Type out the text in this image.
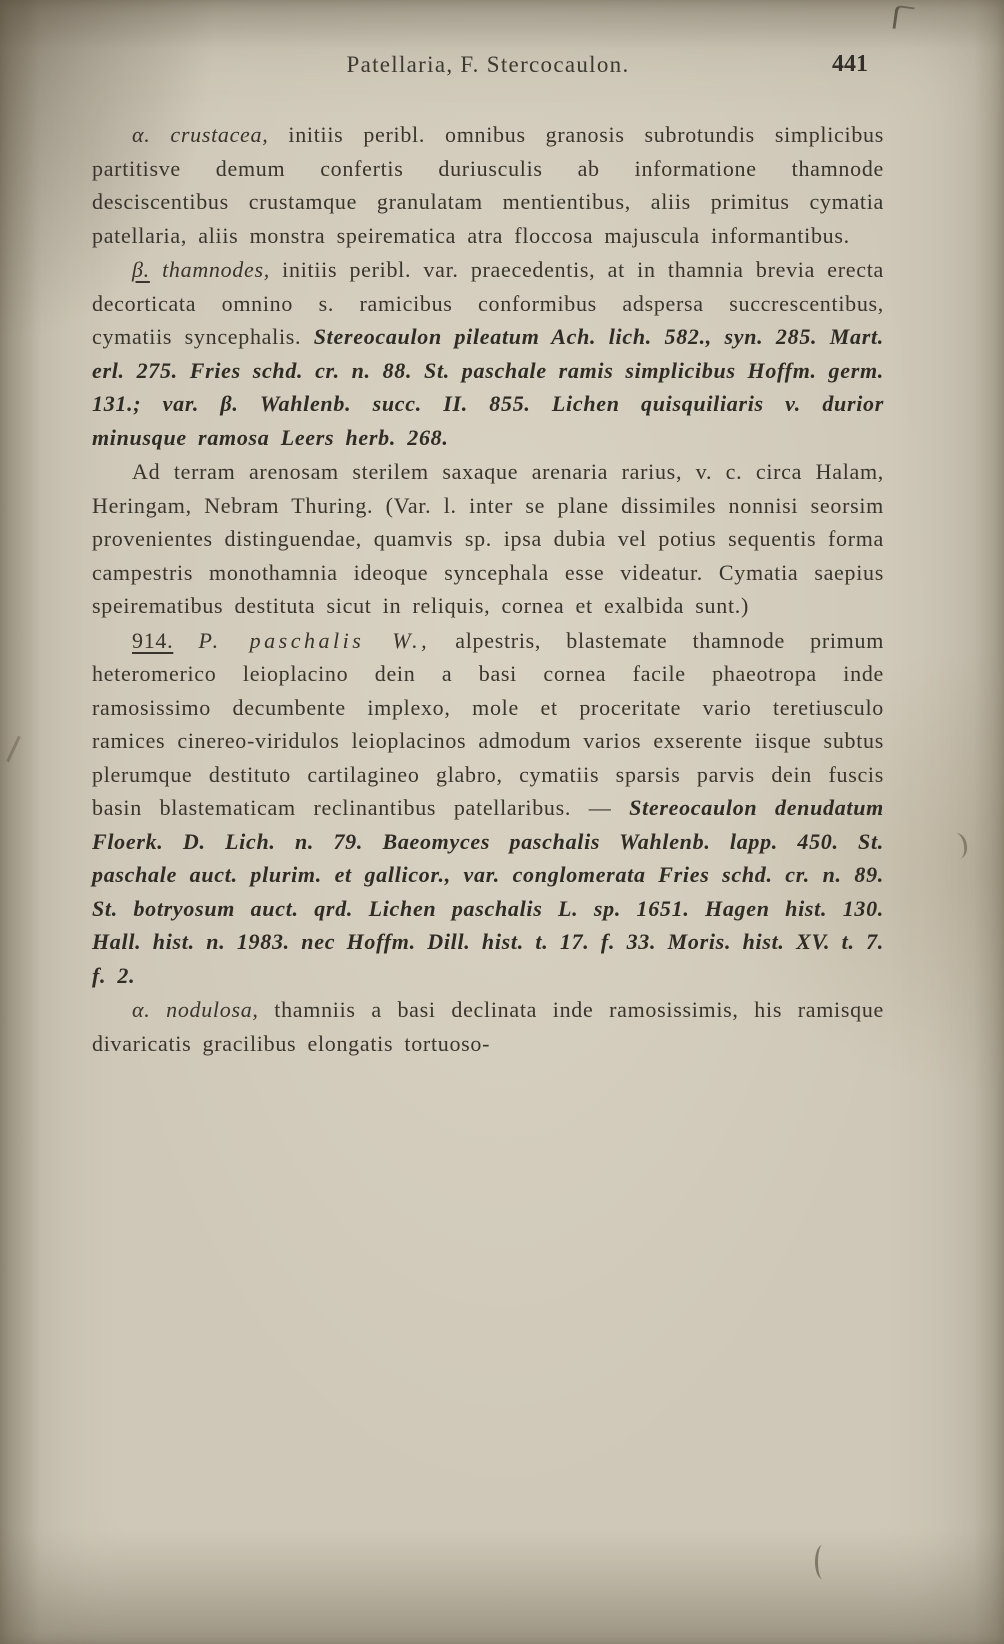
Patellaria, F. Stercocaulon.	441

α. crustacea, initiis peribl. omnibus granosis subrotundis simplicibus partitisve demum confertis duriusculis ab informatione thamnode desciscentibus crustamque granulatam mentientibus, aliis primitus cymatia patellaria, aliis monstra speirematica atra floccosa majuscula informantibus.

β. thamnodes, initiis peribl. var. praecedentis, at in thamnia brevia erecta decorticata omnino s. ramicibus conformibus adspersa succrescentibus, cymatiis syncephalis. Stereocaulon pileatum Ach. lich. 582., syn. 285. Mart. erl. 275. Fries schd. cr. n. 88. St. paschale ramis simplicibus Hoffm. germ. 131.; var. β. Wahlenb. succ. II. 855. Lichen quisquiliaris v. durior minusque ramosa Leers herb. 268.

Ad terram arenosam sterilem saxaque arenaria rarius, v. c. circa Halam, Heringam, Nebram Thuring. (Var. l. inter se plane dissimiles nonnisi seorsim provenientes distinguendae, quamvis sp. ipsa dubia vel potius sequentis forma campestris monothamnia ideoque syncephala esse videatur. Cymatia saepius speirematibus destituta sicut in reliquis, cornea et exalbida sunt.)

914. P. paschalis W., alpestris, blastemate thamnode primum heteromerico leioplacino dein a basi cornea facile phaeotropa inde ramosissimo decumbente implexo, mole et proceritate vario teretiusculo ramices cinereo-viridulos leioplacinos admodum varios exserente iisque subtus plerumque destituto cartilagineo glabro, cymatiis sparsis parvis dein fuscis basin blastematicam reclinantibus patellaribus. — Stereocaulon denudatum Floerk. D. Lich. n. 79. Baeomyces paschalis Wahlenb. lapp. 450. St. paschale auct. plurim. et gallicor., var. conglomerata Fries schd. cr. n. 89. St. botryosum auct. qrd. Lichen paschalis L. sp. 1651. Hagen hist. 130. Hall. hist. n. 1983. nec Hoffm. Dill. hist. t. 17. f. 33. Moris. hist. XV. t. 7. f. 2.

α. nodulosa, thamniis a basi declinata inde ramosissimis, his ramisque divaricatis gracilibus elongatis tortuoso-
